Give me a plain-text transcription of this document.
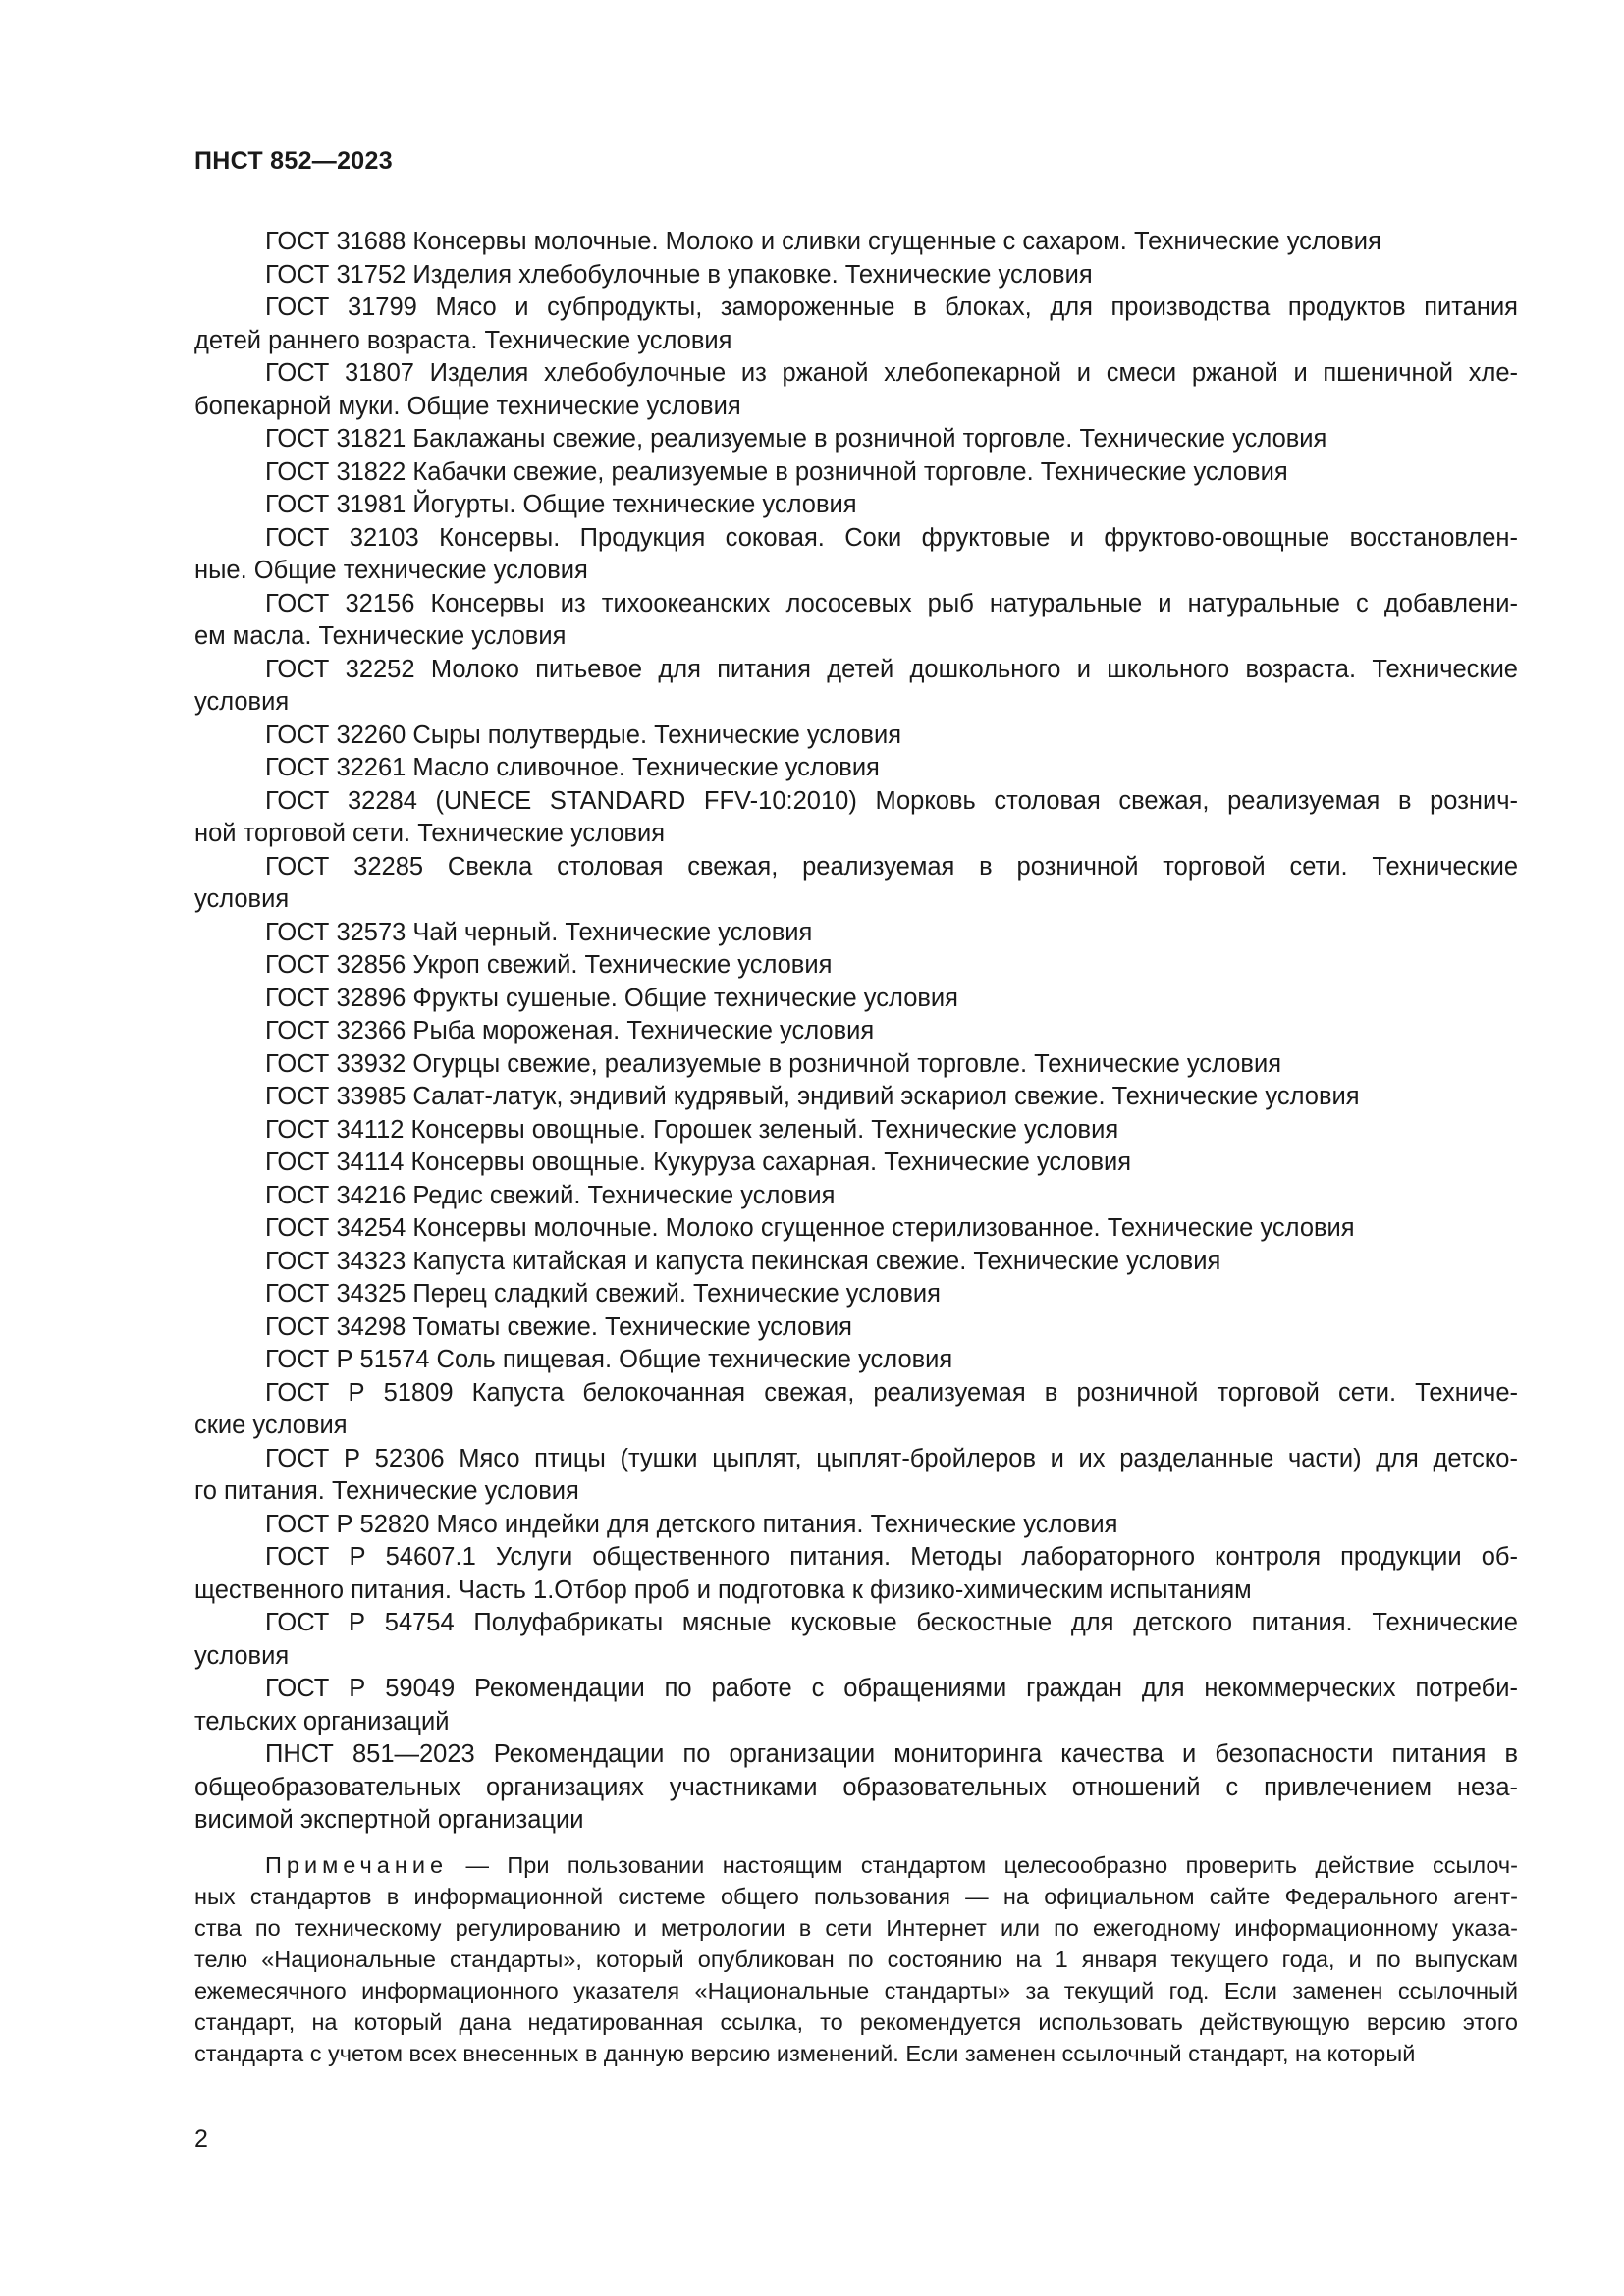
ПНСТ 852—2023
ГОСТ 31688 Консервы молочные. Молоко и сливки сгущенные с сахаром. Технические условия
ГОСТ 31752 Изделия хлебобулочные в упаковке. Технические условия
ГОСТ 31799 Мясо и субпродукты, замороженные в блоках, для производства продуктов питания
детей раннего возраста. Технические условия
ГОСТ 31807 Изделия хлебобулочные из ржаной хлебопекарной и смеси ржаной и пшеничной хле-
бопекарной муки. Общие технические условия
ГОСТ 31821 Баклажаны свежие, реализуемые в розничной торговле. Технические условия
ГОСТ 31822 Кабачки свежие, реализуемые в розничной торговле. Технические условия
ГОСТ 31981 Йогурты. Общие технические условия
ГОСТ 32103 Консервы. Продукция соковая. Соки фруктовые и фруктово-овощные восстановлен-
ные. Общие технические условия
ГОСТ 32156 Консервы из тихоокеанских лососевых рыб натуральные и натуральные с добавлени-
ем масла. Технические условия
ГОСТ 32252 Молоко питьевое для питания детей дошкольного и школьного возраста. Технические
условия
ГОСТ 32260 Сыры полутвердые. Технические условия
ГОСТ 32261 Масло сливочное. Технические условия
ГОСТ 32284 (UNECE STANDARD FFV-10:2010) Морковь столовая свежая, реализуемая в рознич-
ной торговой сети. Технические условия
ГОСТ 32285 Свекла столовая свежая, реализуемая в розничной торговой сети. Технические
условия
ГОСТ 32573 Чай черный. Технические условия
ГОСТ 32856 Укроп свежий. Технические условия
ГОСТ 32896 Фрукты сушеные. Общие технические условия
ГОСТ 32366 Рыба мороженая. Технические условия
ГОСТ 33932 Огурцы свежие, реализуемые в розничной торговле. Технические условия
ГОСТ 33985 Салат-латук, эндивий кудрявый, эндивий эскариол свежие. Технические условия
ГОСТ 34112 Консервы овощные. Горошек зеленый. Технические условия
ГОСТ 34114 Консервы овощные. Кукуруза сахарная. Технические условия
ГОСТ 34216 Редис свежий. Технические условия
ГОСТ 34254 Консервы молочные. Молоко сгущенное стерилизованное. Технические условия
ГОСТ 34323 Капуста китайская и капуста пекинская свежие. Технические условия
ГОСТ 34325 Перец сладкий свежий. Технические условия
ГОСТ 34298 Томаты свежие. Технические условия
ГОСТ Р 51574 Соль пищевая. Общие технические условия
ГОСТ Р 51809 Капуста белокочанная свежая, реализуемая в розничной торговой сети. Техниче-
ские условия
ГОСТ Р 52306 Мясо птицы (тушки цыплят, цыплят-бройлеров и их разделанные части) для детско-
го питания. Технические условия
ГОСТ Р 52820 Мясо индейки для детского питания. Технические условия
ГОСТ Р 54607.1 Услуги общественного питания. Методы лабораторного контроля продукции об-
щественного питания. Часть 1.Отбор проб и подготовка к физико-химическим испытаниям
ГОСТ Р 54754 Полуфабрикаты мясные кусковые бескостные для детского питания. Технические
условия
ГОСТ Р 59049 Рекомендации по работе с обращениями граждан для некоммерческих потреби-
тельских организаций
ПНСТ 851—2023 Рекомендации по организации мониторинга качества и безопасности питания в
общеобразовательных организациях участниками образовательных отношений с привлечением неза-
висимой экспертной организации
Примечание — При пользовании настоящим стандартом целесообразно проверить действие ссылоч-
ных стандартов в информационной системе общего пользования — на официальном сайте Федерального агент-
ства по техническому регулированию и метрологии в сети Интернет или по ежегодному информационному указа-
телю «Национальные стандарты», который опубликован по состоянию на 1 января текущего года, и по выпускам
ежемесячного информационного указателя «Национальные стандарты» за текущий год. Если заменен ссылочный
стандарт, на который дана недатированная ссылка, то рекомендуется использовать действующую версию этого
стандарта с учетом всех внесенных в данную версию изменений. Если заменен ссылочный стандарт, на который
2
